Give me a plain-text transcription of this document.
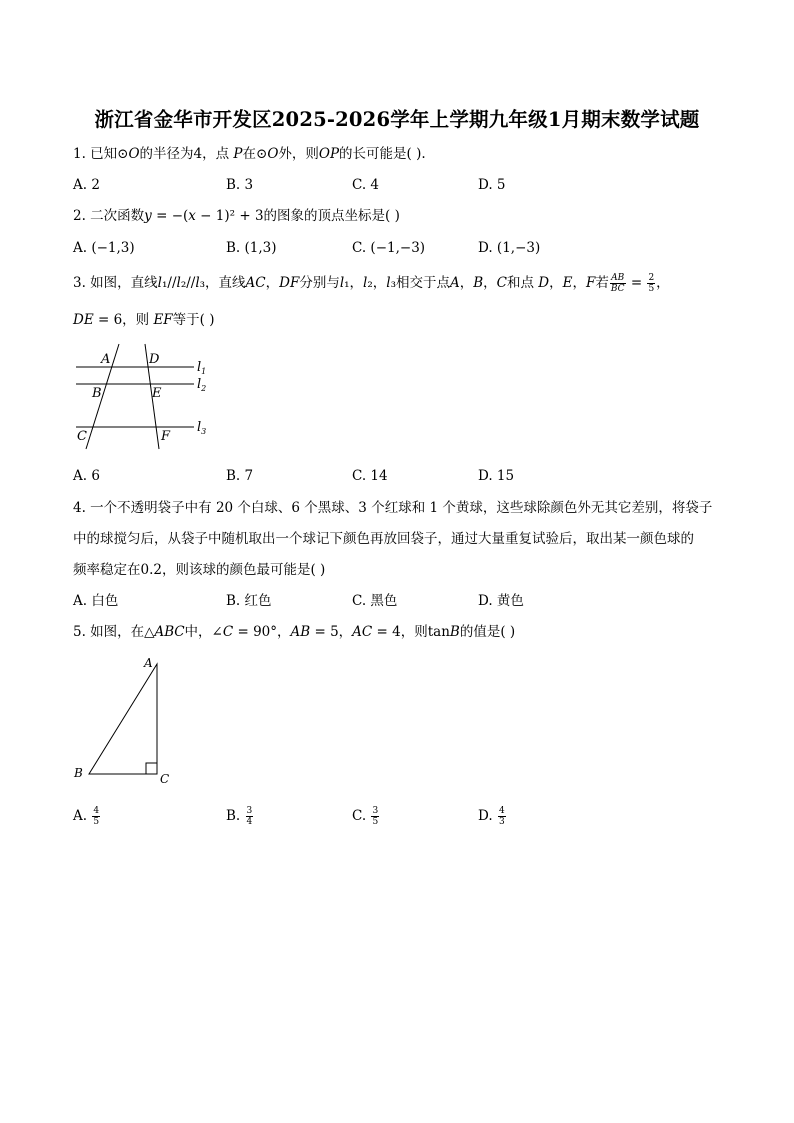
浙江省金华市开发区2025-2026学年上学期九年级1月期末数学试题
1. 已知⊙𝑂的半径为4，点 𝑃在⊙𝑂外，则𝑂𝑃的长可能是( ).
A. 2	B. 3	C. 4	D. 5
2. 二次函数𝑦 = −(𝑥 − 1)² + 3的图象的顶点坐标是( )
A. (−1,3)	B. (1,3)	C. (−1,−3)	D. (1,−3)
3. 如图，直线𝑙₁//𝑙₂//𝑙₃，直线𝐴𝐶，𝐷𝐹分别与𝑙₁，𝑙₂，𝑙₃相交于点𝐴，𝐵，𝐶和点 𝐷，𝐸，𝐹若 $\frac{AB}{BC} = \frac{2}{5}$ ，
𝐷𝐸 = 6，则 𝐸𝐹等于( )
A	D
B	E
C	F
$l_1$
$l_2$
$l_3$
A. 6	B. 7	C. 14	D. 15
4. 一个不透明袋子中有 20 个白球、6 个黑球、3 个红球和 1 个黄球，这些球除颜色外无其它差别，将袋子
中的球搅匀后，从袋子中随机取出一个球记下颜色再放回袋子，通过大量重复试验后，取出某一颜色球的
频率稳定在0.2，则该球的颜色最可能是( )
A. 白色	B. 红色	C. 黑色	D. 黄色
5. 如图，在△𝐴𝐵𝐶中，∠𝐶 = 90°，𝐴𝐵 = 5，𝐴𝐶 = 4，则tan𝐵的值是( )
A
B	C
A. $\frac{4}{5}$	B. $\frac{3}{4}$	C. $\frac{3}{5}$	D. $\frac{4}{3}$
